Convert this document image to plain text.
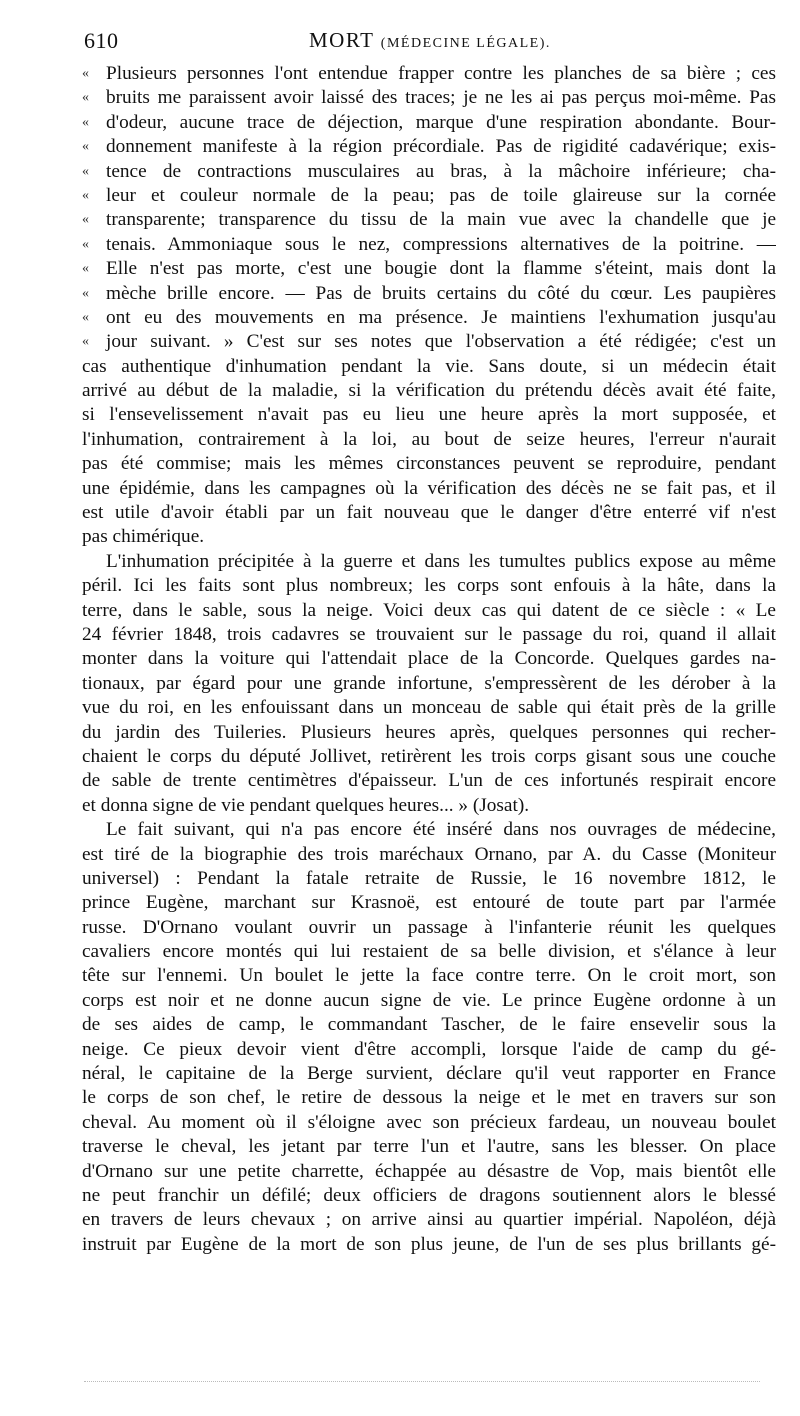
610	MORT (MÉDECINE LÉGALE).
« Plusieurs personnes l'ont entendue frapper contre les planches de sa bière ; ces
« bruits me paraissent avoir laissé des traces; je ne les ai pas perçus moi-même. Pas
« d'odeur, aucune trace de déjection, marque d'une respiration abondante. Bour-
« donnement manifeste à la région précordiale. Pas de rigidité cadavérique; exis-
« tence de contractions musculaires au bras, à la mâchoire inférieure; cha-
« leur et couleur normale de la peau; pas de toile glaireuse sur la cornée
« transparente; transparence du tissu de la main vue avec la chandelle que je
« tenais. Ammoniaque sous le nez, compressions alternatives de la poitrine. —
« Elle n'est pas morte, c'est une bougie dont la flamme s'éteint, mais dont la
« mèche brille encore. — Pas de bruits certains du côté du cœur. Les paupières
« ont eu des mouvements en ma présence. Je maintiens l'exhumation jusqu'au
« jour suivant. » C'est sur ses notes que l'observation a été rédigée; c'est un
cas authentique d'inhumation pendant la vie. Sans doute, si un médecin était
arrivé au début de la maladie, si la vérification du prétendu décès avait été faite,
si l'ensevelissement n'avait pas eu lieu une heure après la mort supposée, et
l'inhumation, contrairement à la loi, au bout de seize heures, l'erreur n'aurait
pas été commise; mais les mêmes circonstances peuvent se reproduire, pendant
une épidémie, dans les campagnes où la vérification des décès ne se fait pas, et il
est utile d'avoir établi par un fait nouveau que le danger d'être enterré vif n'est
pas chimérique.
L'inhumation précipitée à la guerre et dans les tumultes publics expose au même
péril. Ici les faits sont plus nombreux; les corps sont enfouis à la hâte, dans la
terre, dans le sable, sous la neige. Voici deux cas qui datent de ce siècle : « Le
24 février 1848, trois cadavres se trouvaient sur le passage du roi, quand il allait
monter dans la voiture qui l'attendait place de la Concorde. Quelques gardes na-
tionaux, par égard pour une grande infortune, s'empressèrent de les dérober à la
vue du roi, en les enfouissant dans un monceau de sable qui était près de la grille
du jardin des Tuileries. Plusieurs heures après, quelques personnes qui recher-
chaient le corps du député Jollivet, retirèrent les trois corps gisant sous une couche
de sable de trente centimètres d'épaisseur. L'un de ces infortunés respirait encore
et donna signe de vie pendant quelques heures... » (Josat).
Le fait suivant, qui n'a pas encore été inséré dans nos ouvrages de médecine,
est tiré de la biographie des trois maréchaux Ornano, par A. du Casse (Moniteur
universel) : Pendant la fatale retraite de Russie, le 16 novembre 1812, le
prince Eugène, marchant sur Krasnoë, est entouré de toute part par l'armée
russe. D'Ornano voulant ouvrir un passage à l'infanterie réunit les quelques
cavaliers encore montés qui lui restaient de sa belle division, et s'élance à leur
tête sur l'ennemi. Un boulet le jette la face contre terre. On le croit mort, son
corps est noir et ne donne aucun signe de vie. Le prince Eugène ordonne à un
de ses aides de camp, le commandant Tascher, de le faire ensevelir sous la
neige. Ce pieux devoir vient d'être accompli, lorsque l'aide de camp du gé-
néral, le capitaine de la Berge survient, déclare qu'il veut rapporter en France
le corps de son chef, le retire de dessous la neige et le met en travers sur son
cheval. Au moment où il s'éloigne avec son précieux fardeau, un nouveau boulet
traverse le cheval, les jetant par terre l'un et l'autre, sans les blesser. On place
d'Ornano sur une petite charrette, échappée au désastre de Vop, mais bientôt elle
ne peut franchir un défilé; deux officiers de dragons soutiennent alors le blessé
en travers de leurs chevaux ; on arrive ainsi au quartier impérial. Napoléon, déjà
instruit par Eugène de la mort de son plus jeune, de l'un de ses plus brillants gé-
